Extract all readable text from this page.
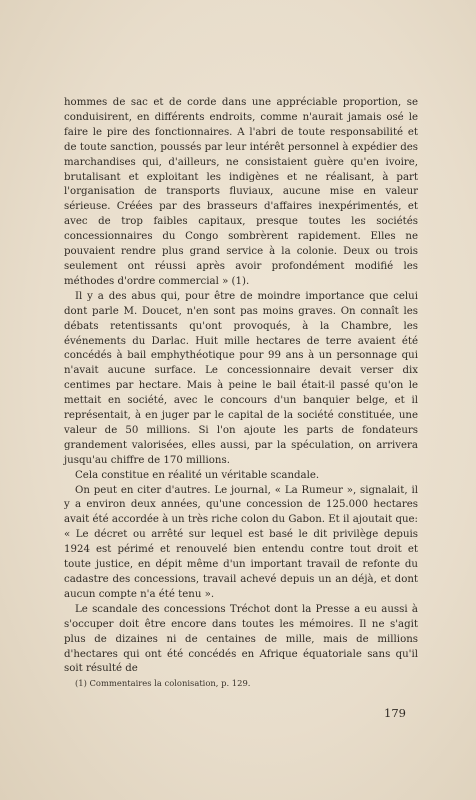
hommes de sac et de corde dans une appréciable proportion, se conduisirent, en différents endroits, comme n'aurait jamais osé le faire le pire des fonctionnaires. A l'abri de toute responsabilité et de toute sanction, poussés par leur intérêt personnel à expédier des marchandises qui, d'ailleurs, ne consistaient guère qu'en ivoire, brutalisant et exploitant les indigènes et ne réalisant, à part l'organisation de transports fluviaux, aucune mise en valeur sérieuse. Créées par des brasseurs d'affaires inexpérimentés, et avec de trop faibles capitaux, presque toutes les sociétés concessionnaires du Congo sombrèrent rapidement. Elles ne pouvaient rendre plus grand service à la colonie. Deux ou trois seulement ont réussi après avoir profondément modifié les méthodes d'ordre commercial » (1).

Il y a des abus qui, pour être de moindre importance que celui dont parle M. Doucet, n'en sont pas moins graves. On connaît les débats retentissants qu'ont provoqués, à la Chambre, les événements du Darlac. Huit mille hectares de terre avaient été concédés à bail emphythéotique pour 99 ans à un personnage qui n'avait aucune surface. Le concessionnaire devait verser dix centimes par hectare. Mais à peine le bail était-il passé qu'on le mettait en société, avec le concours d'un banquier belge, et il représentait, à en juger par le capital de la société constituée, une valeur de 50 millions. Si l'on ajoute les parts de fondateurs grandement valorisées, elles aussi, par la spéculation, on arrivera jusqu'au chiffre de 170 millions.

Cela constitue en réalité un véritable scandale.

On peut en citer d'autres. Le journal, « La Rumeur », signalait, il y a environ deux années, qu'une concession de 125.000 hectares avait été accordée à un très riche colon du Gabon. Et il ajoutait que: « Le décret ou arrêté sur lequel est basé le dit privilège depuis 1924 est périmé et renouvelé bien entendu contre tout droit et toute justice, en dépit même d'un important travail de refonte du cadastre des concessions, travail achevé depuis un an déjà, et dont aucun compte n'a été tenu ».

Le scandale des concessions Tréchot dont la Presse a eu aussi à s'occuper doit être encore dans toutes les mémoires. Il ne s'agit plus de dizaines ni de centaines de mille, mais de millions d'hectares qui ont été concédés en Afrique équatoriale sans qu'il soit résulté de

(1) Commentaires la colonisation, p. 129.
179
